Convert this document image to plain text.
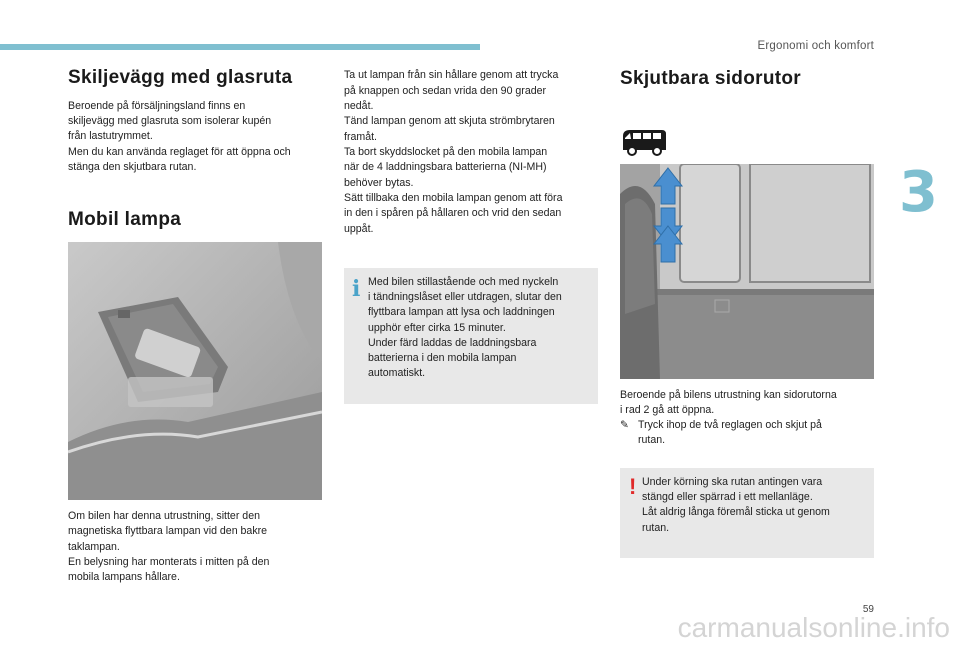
Ergonomi och komfort
3
Skiljevägg med glasruta

Beroende på försäljningsland finns en

skiljevägg med glasruta som isolerar kupén

från lastutrymmet.

Men du kan använda reglaget för att öppna och

stänga den skjutbara rutan.

Mobil lampa

Om bilen har denna utrustning, sitter den

magnetiska flyttbara lampan vid den bakre

taklampan.

En belysning har monterats i mitten på den

mobila lampans hållare.

Ta ut lampan från sin hållare genom att trycka

på knappen och sedan vrida den 90 grader

nedåt.

Tänd lampan genom att skjuta strömbrytaren

framåt.

Ta bort skyddslocket på den mobila lampan

när de 4 laddningsbara batterierna (NI-MH)

behöver bytas.

Sätt tillbaka den mobila lampan genom att föra

in den i spåren på hållaren och vrid den sedan

uppåt.

i Med bilen stillastående och med nyckeln
i tändningslåset eller utdragen, slutar den
flyttbara lampan att lysa och laddningen
upphör efter cirka 15 minuter.
Under färd laddas de laddningsbara
batterierna i den mobila lampan
automatiskt.
Skjutbara sidorutor

Beroende på bilens utrustning kan sidorutorna

i rad 2 gå att öppna.

✎ Tryck ihop de två reglagen och skjut på

rutan.

! Under körning ska rutan antingen vara
stängd eller spärrad i ett mellanläge.
Låt aldrig långa föremål sticka ut genom
rutan.
59
carmanualsonline.info
